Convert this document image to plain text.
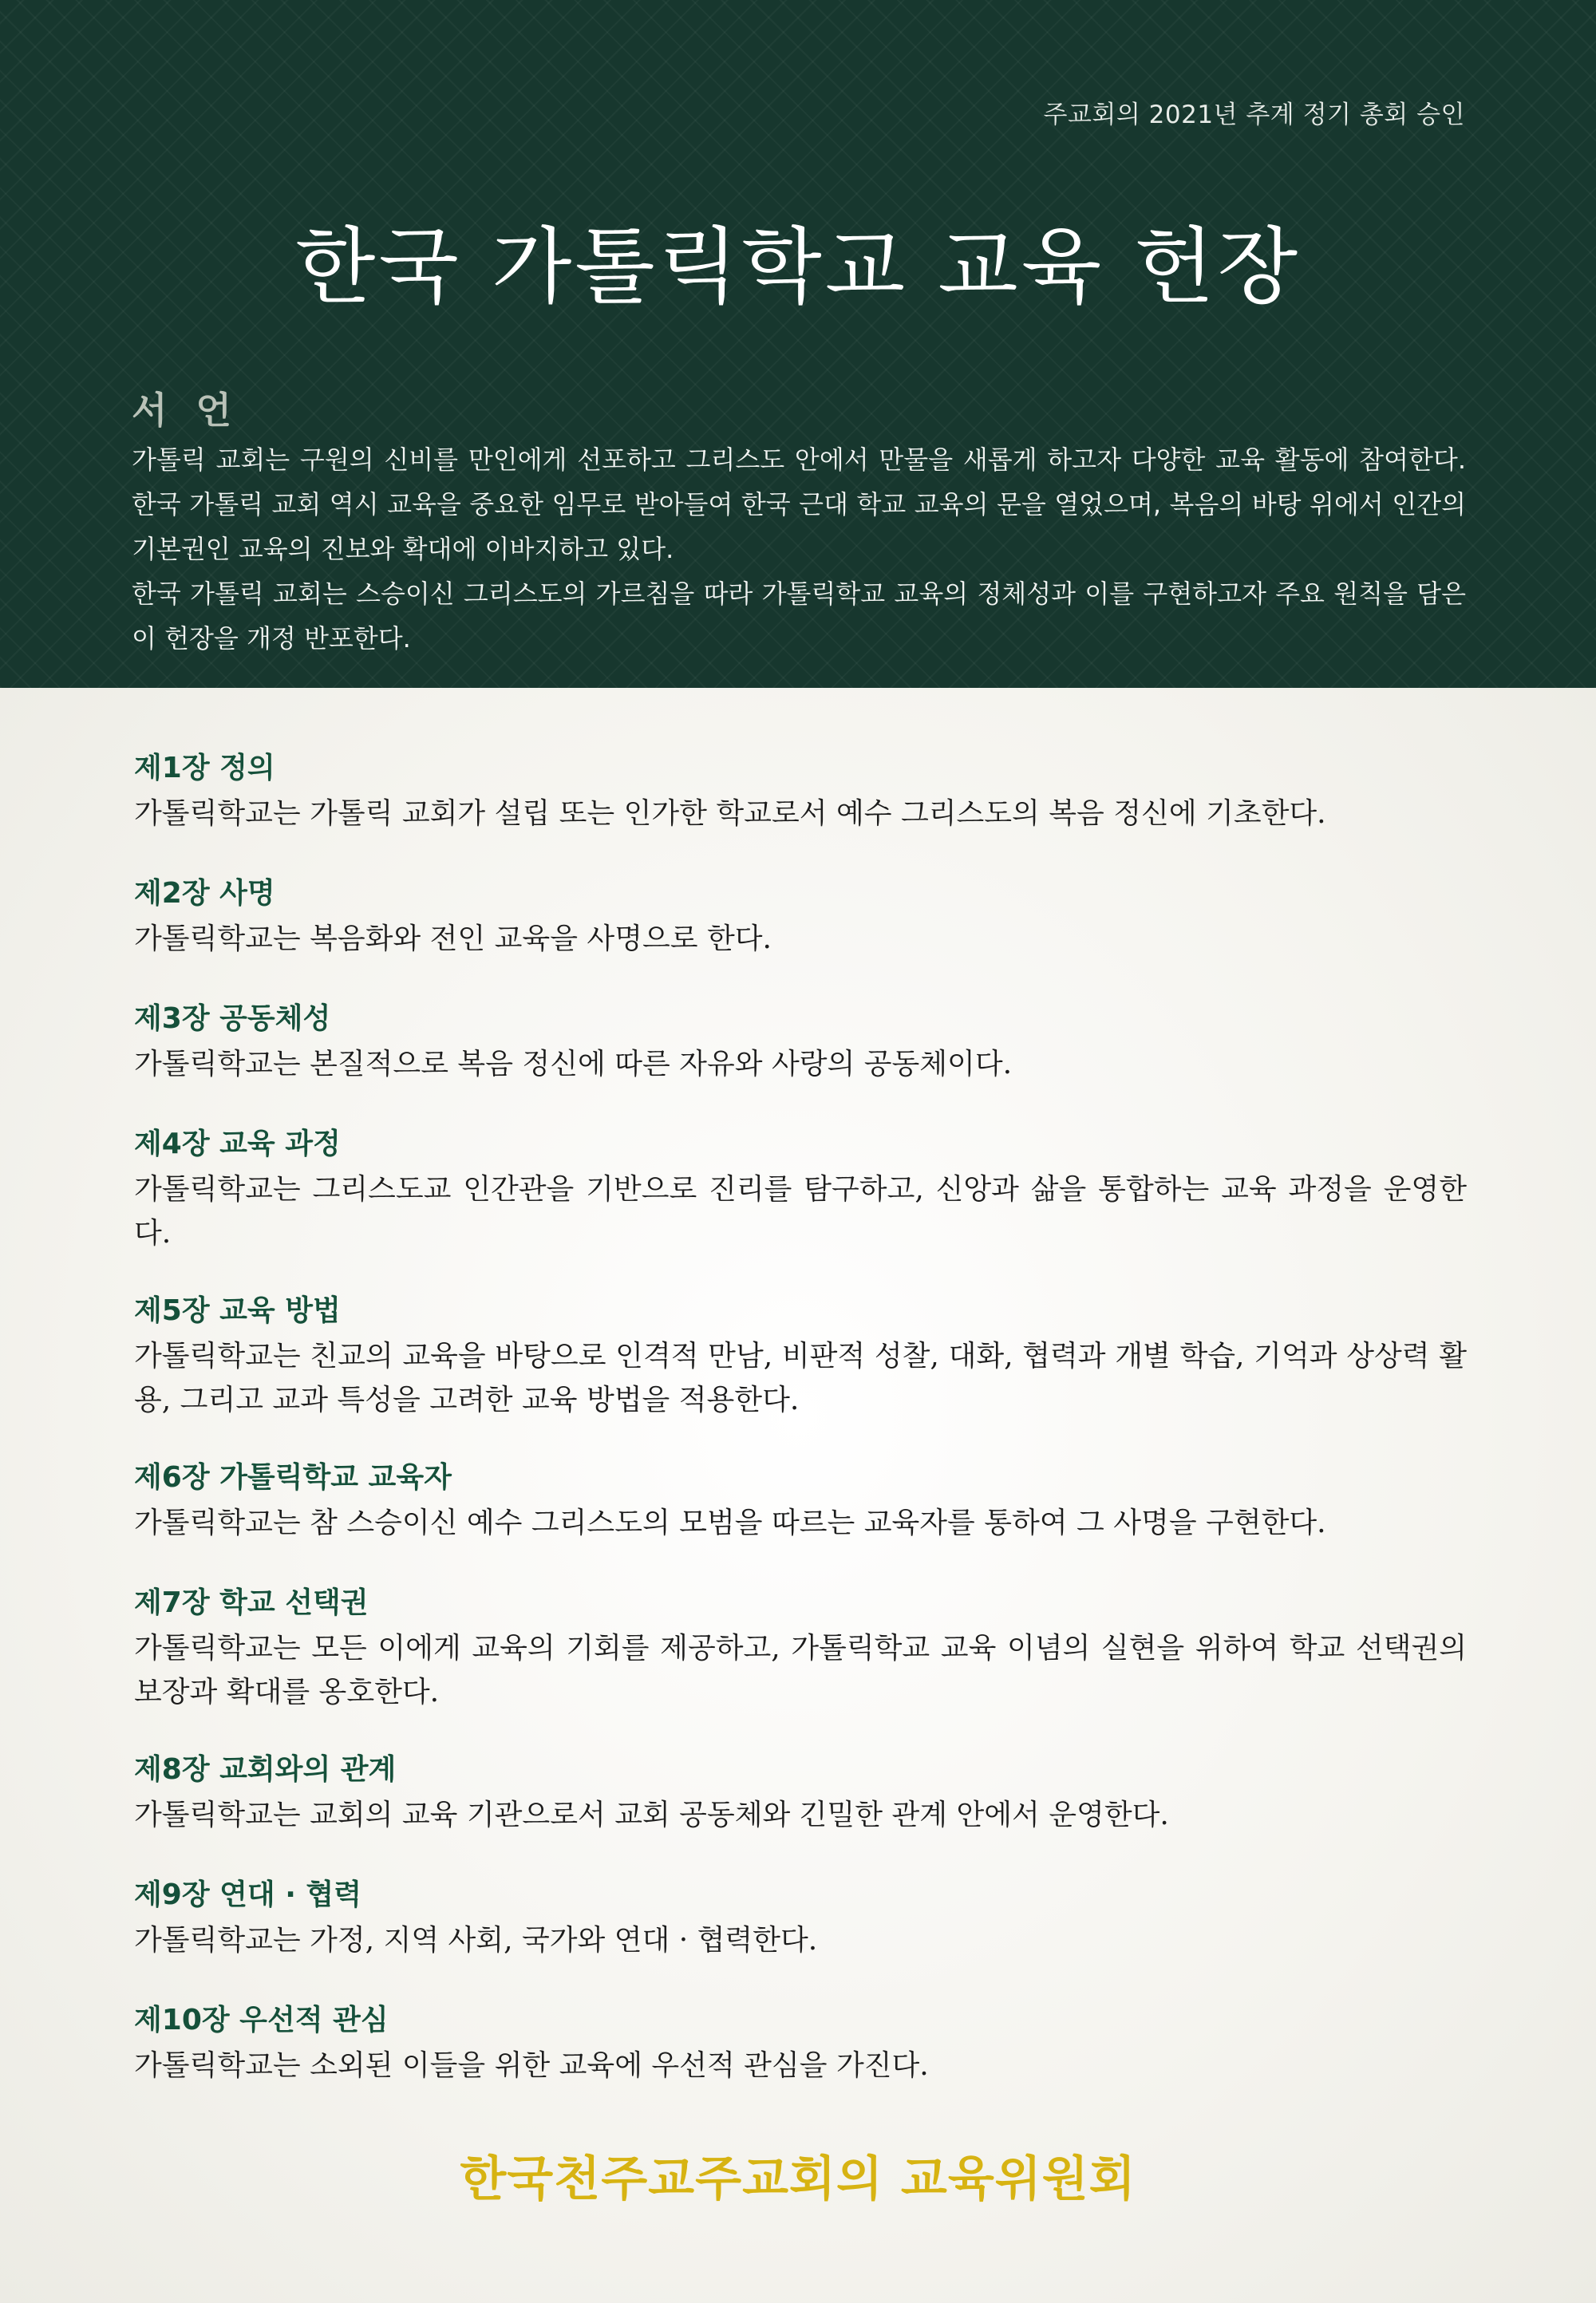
주교회의 2021년 추계 정기 총회 승인
한국 가톨릭학교 교육 헌장
서 언

가톨릭 교회는 구원의 신비를 만인에게 선포하고 그리스도 안에서 만물을 새롭게 하고자 다양한 교육 활동에 참여한다. 한국 가톨릭 교회 역시 교육을 중요한 임무로 받아들여 한국 근대 학교 교육의 문을 열었으며, 복음의 바탕 위에서 인간의 기본권인 교육의 진보와 확대에 이바지하고 있다.

한국 가톨릭 교회는 스승이신 그리스도의 가르침을 따라 가톨릭학교 교육의 정체성과 이를 구현하고자 주요 원칙을 담은 이 헌장을 개정 반포한다.

제1장 정의

가톨릭학교는 가톨릭 교회가 설립 또는 인가한 학교로서 예수 그리스도의 복음 정신에 기초한다.

제2장 사명

가톨릭학교는 복음화와 전인 교육을 사명으로 한다.

제3장 공동체성

가톨릭학교는 본질적으로 복음 정신에 따른 자유와 사랑의 공동체이다.

제4장 교육 과정

가톨릭학교는 그리스도교 인간관을 기반으로 진리를 탐구하고, 신앙과 삶을 통합하는 교육 과정을 운영한다.

제5장 교육 방법

가톨릭학교는 친교의 교육을 바탕으로 인격적 만남, 비판적 성찰, 대화, 협력과 개별 학습, 기억과 상상력 활용, 그리고 교과 특성을 고려한 교육 방법을 적용한다.

제6장 가톨릭학교 교육자

가톨릭학교는 참 스승이신 예수 그리스도의 모범을 따르는 교육자를 통하여 그 사명을 구현한다.

제7장 학교 선택권

가톨릭학교는 모든 이에게 교육의 기회를 제공하고, 가톨릭학교 교육 이념의 실현을 위하여 학교 선택권의 보장과 확대를 옹호한다.

제8장 교회와의 관계

가톨릭학교는 교회의 교육 기관으로서 교회 공동체와 긴밀한 관계 안에서 운영한다.

제9장 연대 · 협력

가톨릭학교는 가정, 지역 사회, 국가와 연대 · 협력한다.

제10장 우선적 관심

가톨릭학교는 소외된 이들을 위한 교육에 우선적 관심을 가진다.

한국천주교주교회의 교육위원회
